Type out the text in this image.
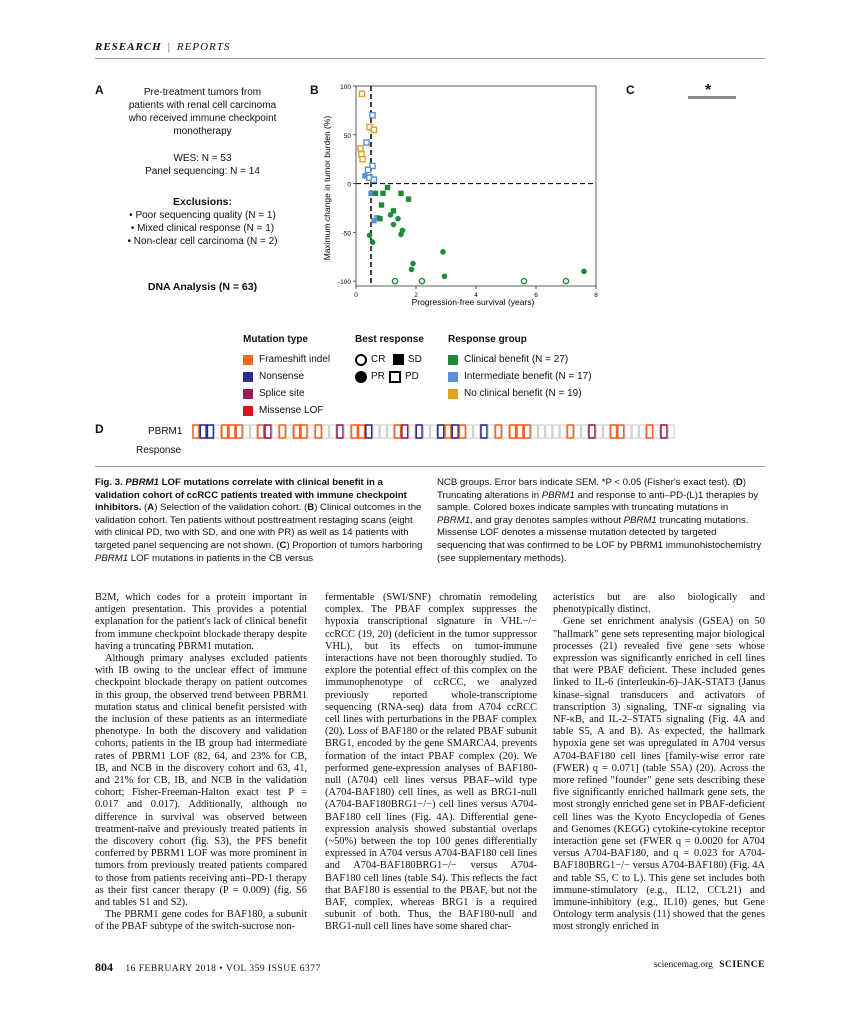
RESEARCH | REPORTS
A	Pre-treatment tumors from
patients with renal cell carcinoma
who received immune checkpoint
monotherapy
WES: N = 53
Panel sequencing: N = 14
Exclusions:
• Poor sequencing quality (N = 1)
• Mixed clinical response (N = 1)
• Non-clear cell carcinoma (N = 2)
DNA Analysis (N = 63)
B	100
50
0
-50
-100
0	2	4	6	8
Maximum change in tumor burden (%)
Progression-free survival (years)
C	*
Mutation type
Frameshift indel
Nonsense
Splice site
Missense LOF
Best response
CR	SD
PR	PD
Response group
Clinical benefit (N = 27)
Intermediate benefit (N = 17)
No clinical benefit (N = 19)
D	PBRM1
Response
Fig. 3. PBRM1 LOF mutations correlate with clinical benefit in a validation cohort of ccRCC patients treated with immune checkpoint inhibitors. (A) Selection of the validation cohort. (B) Clinical outcomes in the validation cohort. Ten patients without posttreatment restaging scans (eight with clinical PD, two with SD, and one with PR) as well as 14 patients with targeted panel sequencing are not shown. (C) Proportion of tumors harboring PBRM1 LOF mutations in patients in the CB versus
NCB groups. Error bars indicate SEM. *P < 0.05 (Fisher's exact test). (D) Truncating alterations in PBRM1 and response to anti–PD-(L)1 therapies by sample. Colored boxes indicate samples with truncating mutations in PBRM1, and gray denotes samples without PBRM1 truncating mutations. Missense LOF denotes a missense mutation detected by targeted sequencing that was confirmed to be LOF by PBRM1 immunohistochemistry (see supplementary methods).

B2M, which codes for a protein important in antigen presentation. This provides a potential explanation for the patient's lack of clinical benefit from immune checkpoint blockade therapy despite having a truncating PBRM1 mutation.

Although primary analyses excluded patients with IB owing to the unclear effect of immune checkpoint blockade therapy on patient outcomes in this group, the observed trend between PBRM1 mutation status and clinical benefit persisted with the inclusion of these patients as an intermediate phenotype. In both the discovery and validation cohorts, patients in the IB group had intermediate rates of PBRM1 LOF (82, 64, and 23% for CB, IB, and NCB in the discovery cohort and 63, 41, and 21% for CB, IB, and NCB in the validation cohort; Fisher-Freeman-Halton exact test P = 0.017 and 0.017). Additionally, although no difference in survival was observed between treatment-naive and previously treated patients in the discovery cohort (fig. S3), the PFS benefit conferred by PBRM1 LOF was more prominent in tumors from previously treated patients compared to those from patients receiving anti–PD-1 therapy as their first cancer therapy (P = 0.009) (fig. S6 and tables S1 and S2).

The PBRM1 gene codes for BAF180, a subunit of the PBAF subtype of the switch-sucrose non-

fermentable (SWI/SNF) chromatin remodeling complex. The PBAF complex suppresses the hypoxia transcriptional signature in VHL−/− ccRCC (19, 20) (deficient in the tumor suppressor VHL), but its effects on tumor-immune interactions have not been thoroughly studied. To explore the potential effect of this complex on the immunophenotype of ccRCC, we analyzed previously reported whole-transcriptome sequencing (RNA-seq) data from A704 ccRCC cell lines with perturbations in the PBAF complex (20). Loss of BAF180 or the related PBAF subunit BRG1, encoded by the gene SMARCA4, prevents formation of the intact PBAF complex (20). We performed gene-expression analyses of BAF180-null (A704) cell lines versus PBAF–wild type (A704-BAF180) cell lines, as well as BRG1-null (A704-BAF180BRG1−/−) cell lines versus A704-BAF180 cell lines (Fig. 4A). Differential gene-expression analysis showed substantial overlaps (~50%) between the top 100 genes differentially expressed in A704 versus A704-BAF180 cell lines and A704-BAF180BRG1−/− versus A704-BAF180 cell lines (table S4). This reflects the fact that BAF180 is essential to the PBAF, but not the BAF, complex, whereas BRG1 is a required subunit of both. Thus, the BAF180-null and BRG1-null cell lines have some shared char-

acteristics but are also biologically and phenotypically distinct.

Gene set enrichment analysis (GSEA) on 50 "hallmark" gene sets representing major biological processes (21) revealed five gene sets whose expression was significantly enriched in cell lines that were PBAF deficient. These included genes linked to IL-6 (interleukin-6)–JAK-STAT3 (Janus kinase–signal transducers and activators of transcription 3) signaling, TNF-α signaling via NF-κB, and IL-2–STAT5 signaling (Fig. 4A and table S5, A and B). As expected, the hallmark hypoxia gene set was upregulated in A704 versus A704-BAF180 cell lines [family-wise error rate (FWER) q = 0.071] (table S5A) (20). Across the more refined "founder" gene sets describing these five significantly enriched hallmark gene sets, the most strongly enriched gene set in PBAF-deficient cell lines was the Kyoto Encyclopedia of Genes and Genomes (KEGG) cytokine-cytokine receptor interaction gene set (FWER q = 0.0020 for A704 versus A704-BAF180, and q = 0.023 for A704-BAF180BRG1−/− versus A704-BAF180) (Fig. 4A and table S5, C to L). This gene set includes both immune-stimulatory (e.g., IL12, CCL21) and immune-inhibitory (e.g., IL10) genes, but Gene Ontology term analysis (11) showed that the genes most strongly enriched in

804 16 FEBRUARY 2018 • VOL 359 ISSUE 6377	sciencemag.org SCIENCE
